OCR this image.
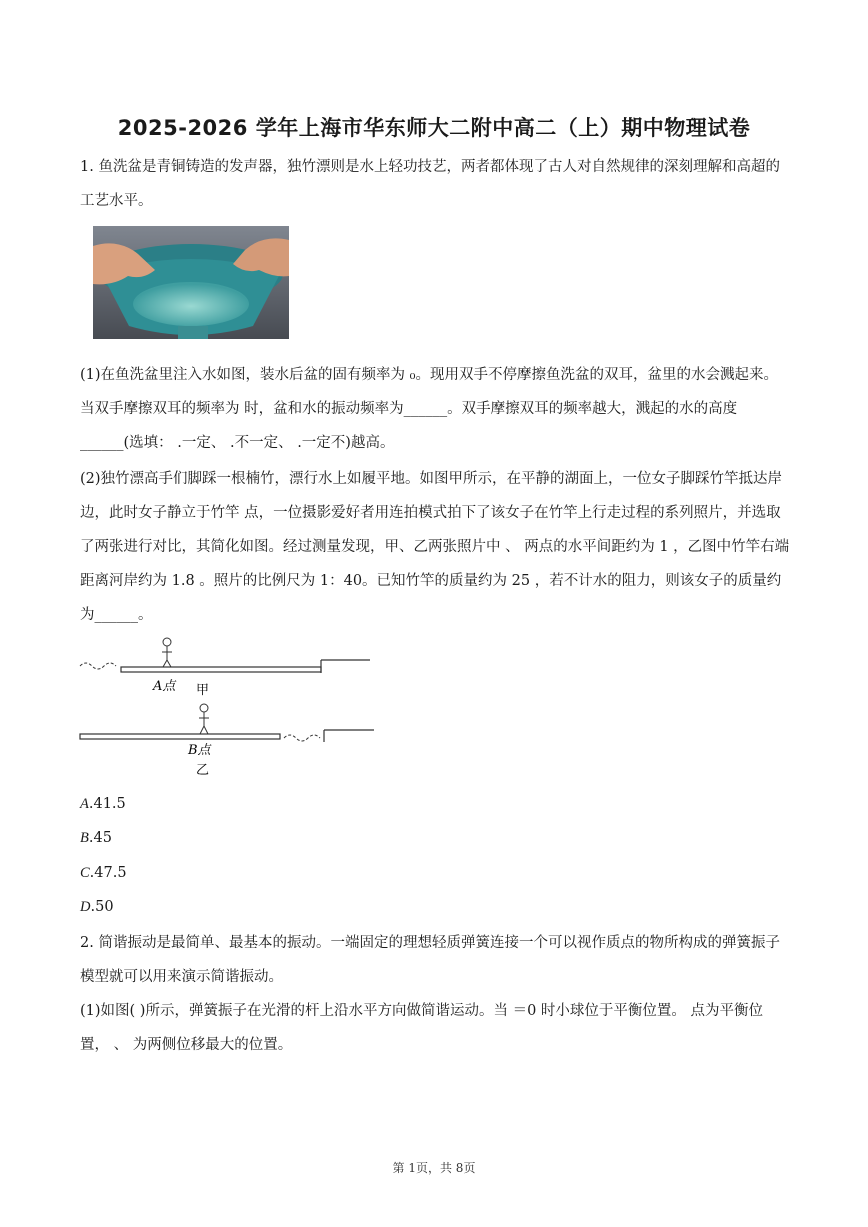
2025-2026 学年上海市华东师大二附中高二（上）期中物理试卷
1. 鱼洗盆是青铜铸造的发声器，独竹漂则是水上轻功技艺，两者都体现了古人对自然规律的深刻理解和高超的工艺水平。
(1)在鱼洗盆里注入水如图，装水后盆的固有频率为 ₀。现用双手不停摩擦鱼洗盆的双耳，盆里的水会溅起来。当双手摩擦双耳的频率为 时，盆和水的振动频率为______。双手摩擦双耳的频率越大，溅起的水的高度______(选填： .一定、 .不一定、 .一定不)越高。
(2)独竹漂高手们脚踩一根楠竹，漂行水上如履平地。如图甲所示，在平静的湖面上，一位女子脚踩竹竿抵达岸边，此时女子静立于竹竿 点，一位摄影爱好者用连拍模式拍下了该女子在竹竿上行走过程的系列照片，并选取了两张进行对比，其简化如图。经过测量发现，甲、乙两张照片中 、 两点的水平间距约为 1 ，乙图中竹竿右端距离河岸约为 1.8 。照片的比例尺为 1：40。已知竹竿的质量约为 25 ，若不计水的阻力，则该女子的质量约为______。
A点 甲
B点
乙
A.41.5
B.45
C.47.5
D.50
2. 简谐振动是最简单、最基本的振动。一端固定的理想轻质弹簧连接一个可以视作质点的物所构成的弹簧振子模型就可以用来演示简谐振动。
(1)如图( )所示，弹簧振子在光滑的杆上沿水平方向做简谐运动。当 ＝0 时小球位于平衡位置。 点为平衡位置， 、 为两侧位移最大的位置。
第 1页，共 8页
